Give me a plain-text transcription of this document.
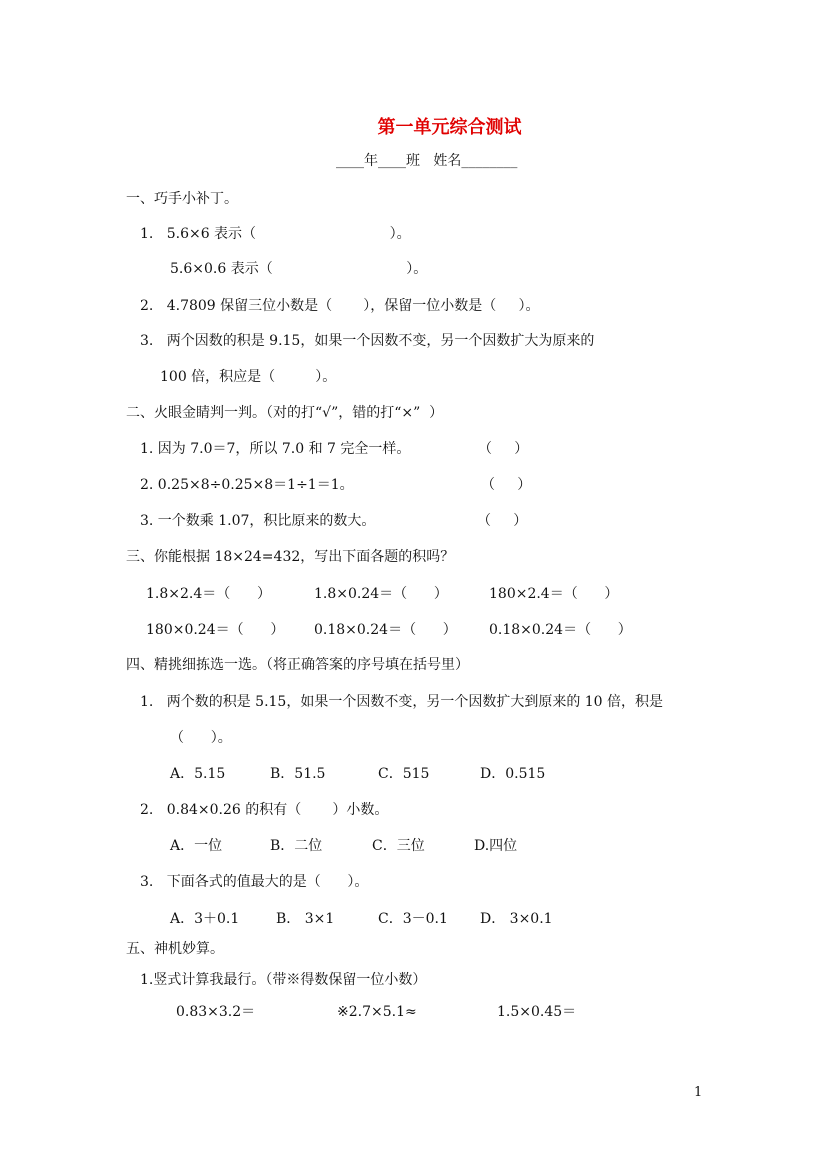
第一单元综合测试
____年____班   姓名________
一、巧手小补丁。
1.   5.6×6 表示（                              ）。
5.6×0.6 表示（                              ）。
2.   4.7809 保留三位小数是（       ），保留一位小数是（     ）。
3.   两个因数的积是 9.15，如果一个因数不变，另一个因数扩大为原来的
100 倍，积应是（         ）。
二、火眼金睛判一判。（对的打“√”，错的打“×”  ）
1. 因为 7.0＝7，所以 7.0 和 7 完全一样。	（     ）
2. 0.25×8÷0.25×8＝1÷1＝1。	（     ）
3. 一个数乘 1.07，积比原来的数大。	（     ）
三、你能根据 18×24=432，写出下面各题的积吗？
1.8×2.4＝（      ）	1.8×0.24＝（      ）	180×2.4＝（      ）
180×0.24＝（      ） 0.18×0.24＝（      ） 0.18×0.24＝（      ）
四、精挑细拣选一选。（将正确答案的序号填在括号里）
1.   两个数的积是 5.15，如果一个因数不变，另一个因数扩大到原来的 10 倍，积是
（      ）。
A．5.15	B．51.5	C．515	D．0.515
2.   0.84×0.26 的积有（       ）小数。
A．一位	B．二位	C．三位	D.四位
3.   下面各式的值最大的是（      ）。
A．3＋0.1	B． 3×1	C．3－0.1 D． 3×0.1
五、神机妙算。
1.竖式计算我最行。（带※得数保留一位小数）
0.83×3.2＝	※2.7×5.1≈	1.5×0.45＝
1
